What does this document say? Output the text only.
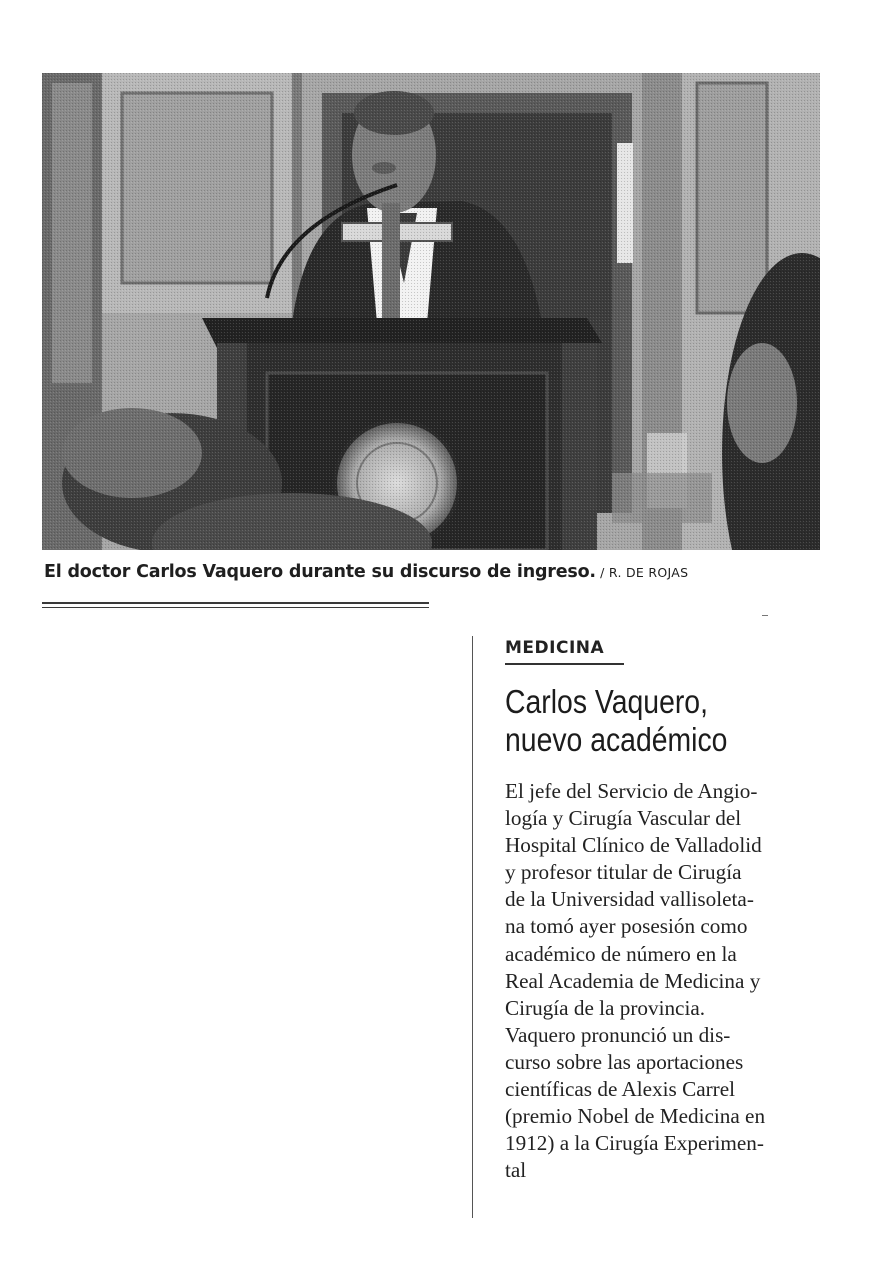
El doctor Carlos Vaquero durante su discurso de ingreso. / R. DE ROJAS
MEDICINA
Carlos Vaquero,
nuevo académico
El jefe del Servicio de Angio-
logía y Cirugía Vascular del
Hospital Clínico de Valladolid
y profesor titular de Cirugía
de la Universidad vallisoleta-
na tomó ayer posesión como
académico de número en la
Real Academia de Medicina y
Cirugía de la provincia.
Vaquero pronunció un dis-
curso sobre las aportaciones
científicas de Alexis Carrel
(premio Nobel de Medicina en
1912) a la Cirugía Experimen-
tal
